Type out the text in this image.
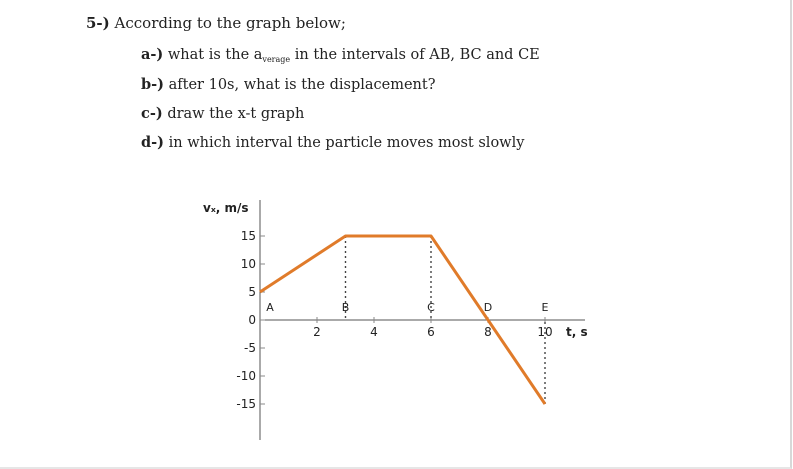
5-) According to the graph below;
a-) what is the $a_{verage}$ in the intervals of AB, BC and CE
b-) after 10s, what is the displacement?
c-) draw the x-t graph
d-) in which interval the particle moves most slowly
vₓ, m/s
t, s
15
10
5
0
-5
-10
-15
2	4	6	8	10
A	B	C	D	E
